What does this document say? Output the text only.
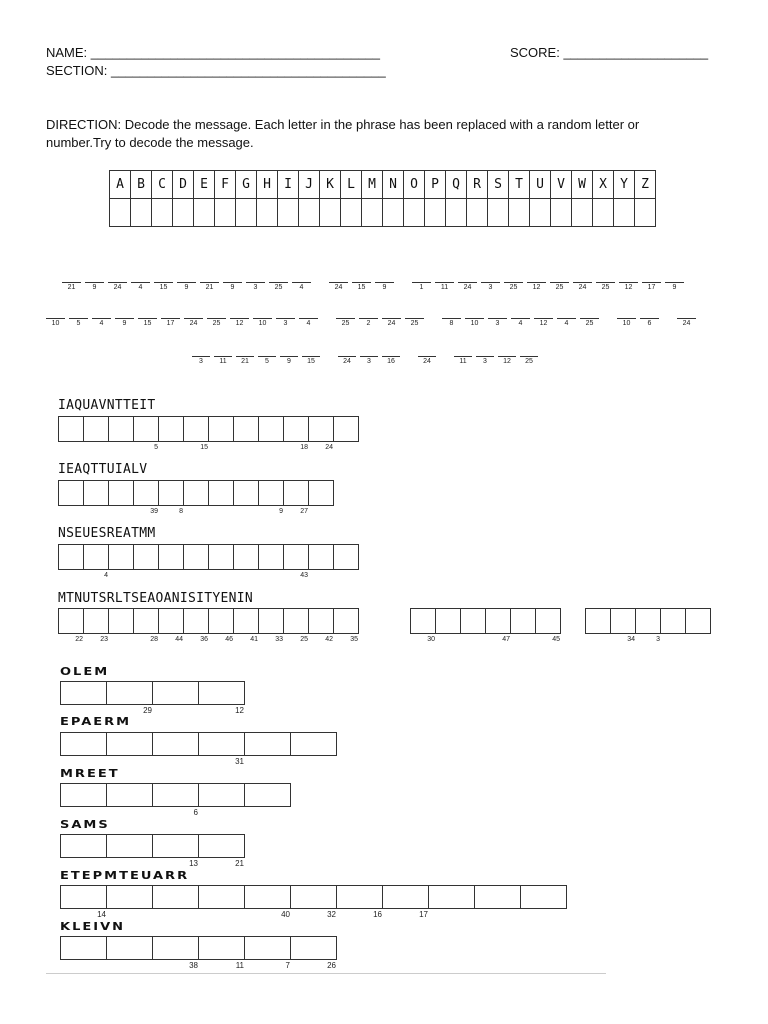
NAME: ________________________________________	SCORE: ____________________
SECTION: ______________________________________
DIRECTION: Decode the message. Each letter in the phrase has been replaced with a random letter or number.Try to decode the message.
A	B	C	D	E	F	G	H	I	J	K	L	M	N	O	P	Q	R	S	T	U	V	W	X	Y	Z

21	9	24	4	15	9	21	9	3	25	4	24	15	9	1	11	24	3	25	12	25	24	25	12	17	9
10	5	4	9	15	17	24	25	12	10	3	4	25	2	24	25	8	10	3	4	12	4	25	10	6	24
3	11	21	5	9	15	24	3	16	24	11	3	12	25
IAQUAVNTTEIT
5	15	18	24
IEAQTTUIALV
39	8	9	27
NSEUESREATMM
4	43
MTNUTSRLTSEAOANISITYENIN
22	23	28	44	36	46	41	33	25	42	35	30	47	45	34	3
OLEM
29	12
EPAERM
31
MREET
6
SAMS
13	21
ETEPMTEUARR
14	40	32	16	17
KLEIVN
38	11	7	26
